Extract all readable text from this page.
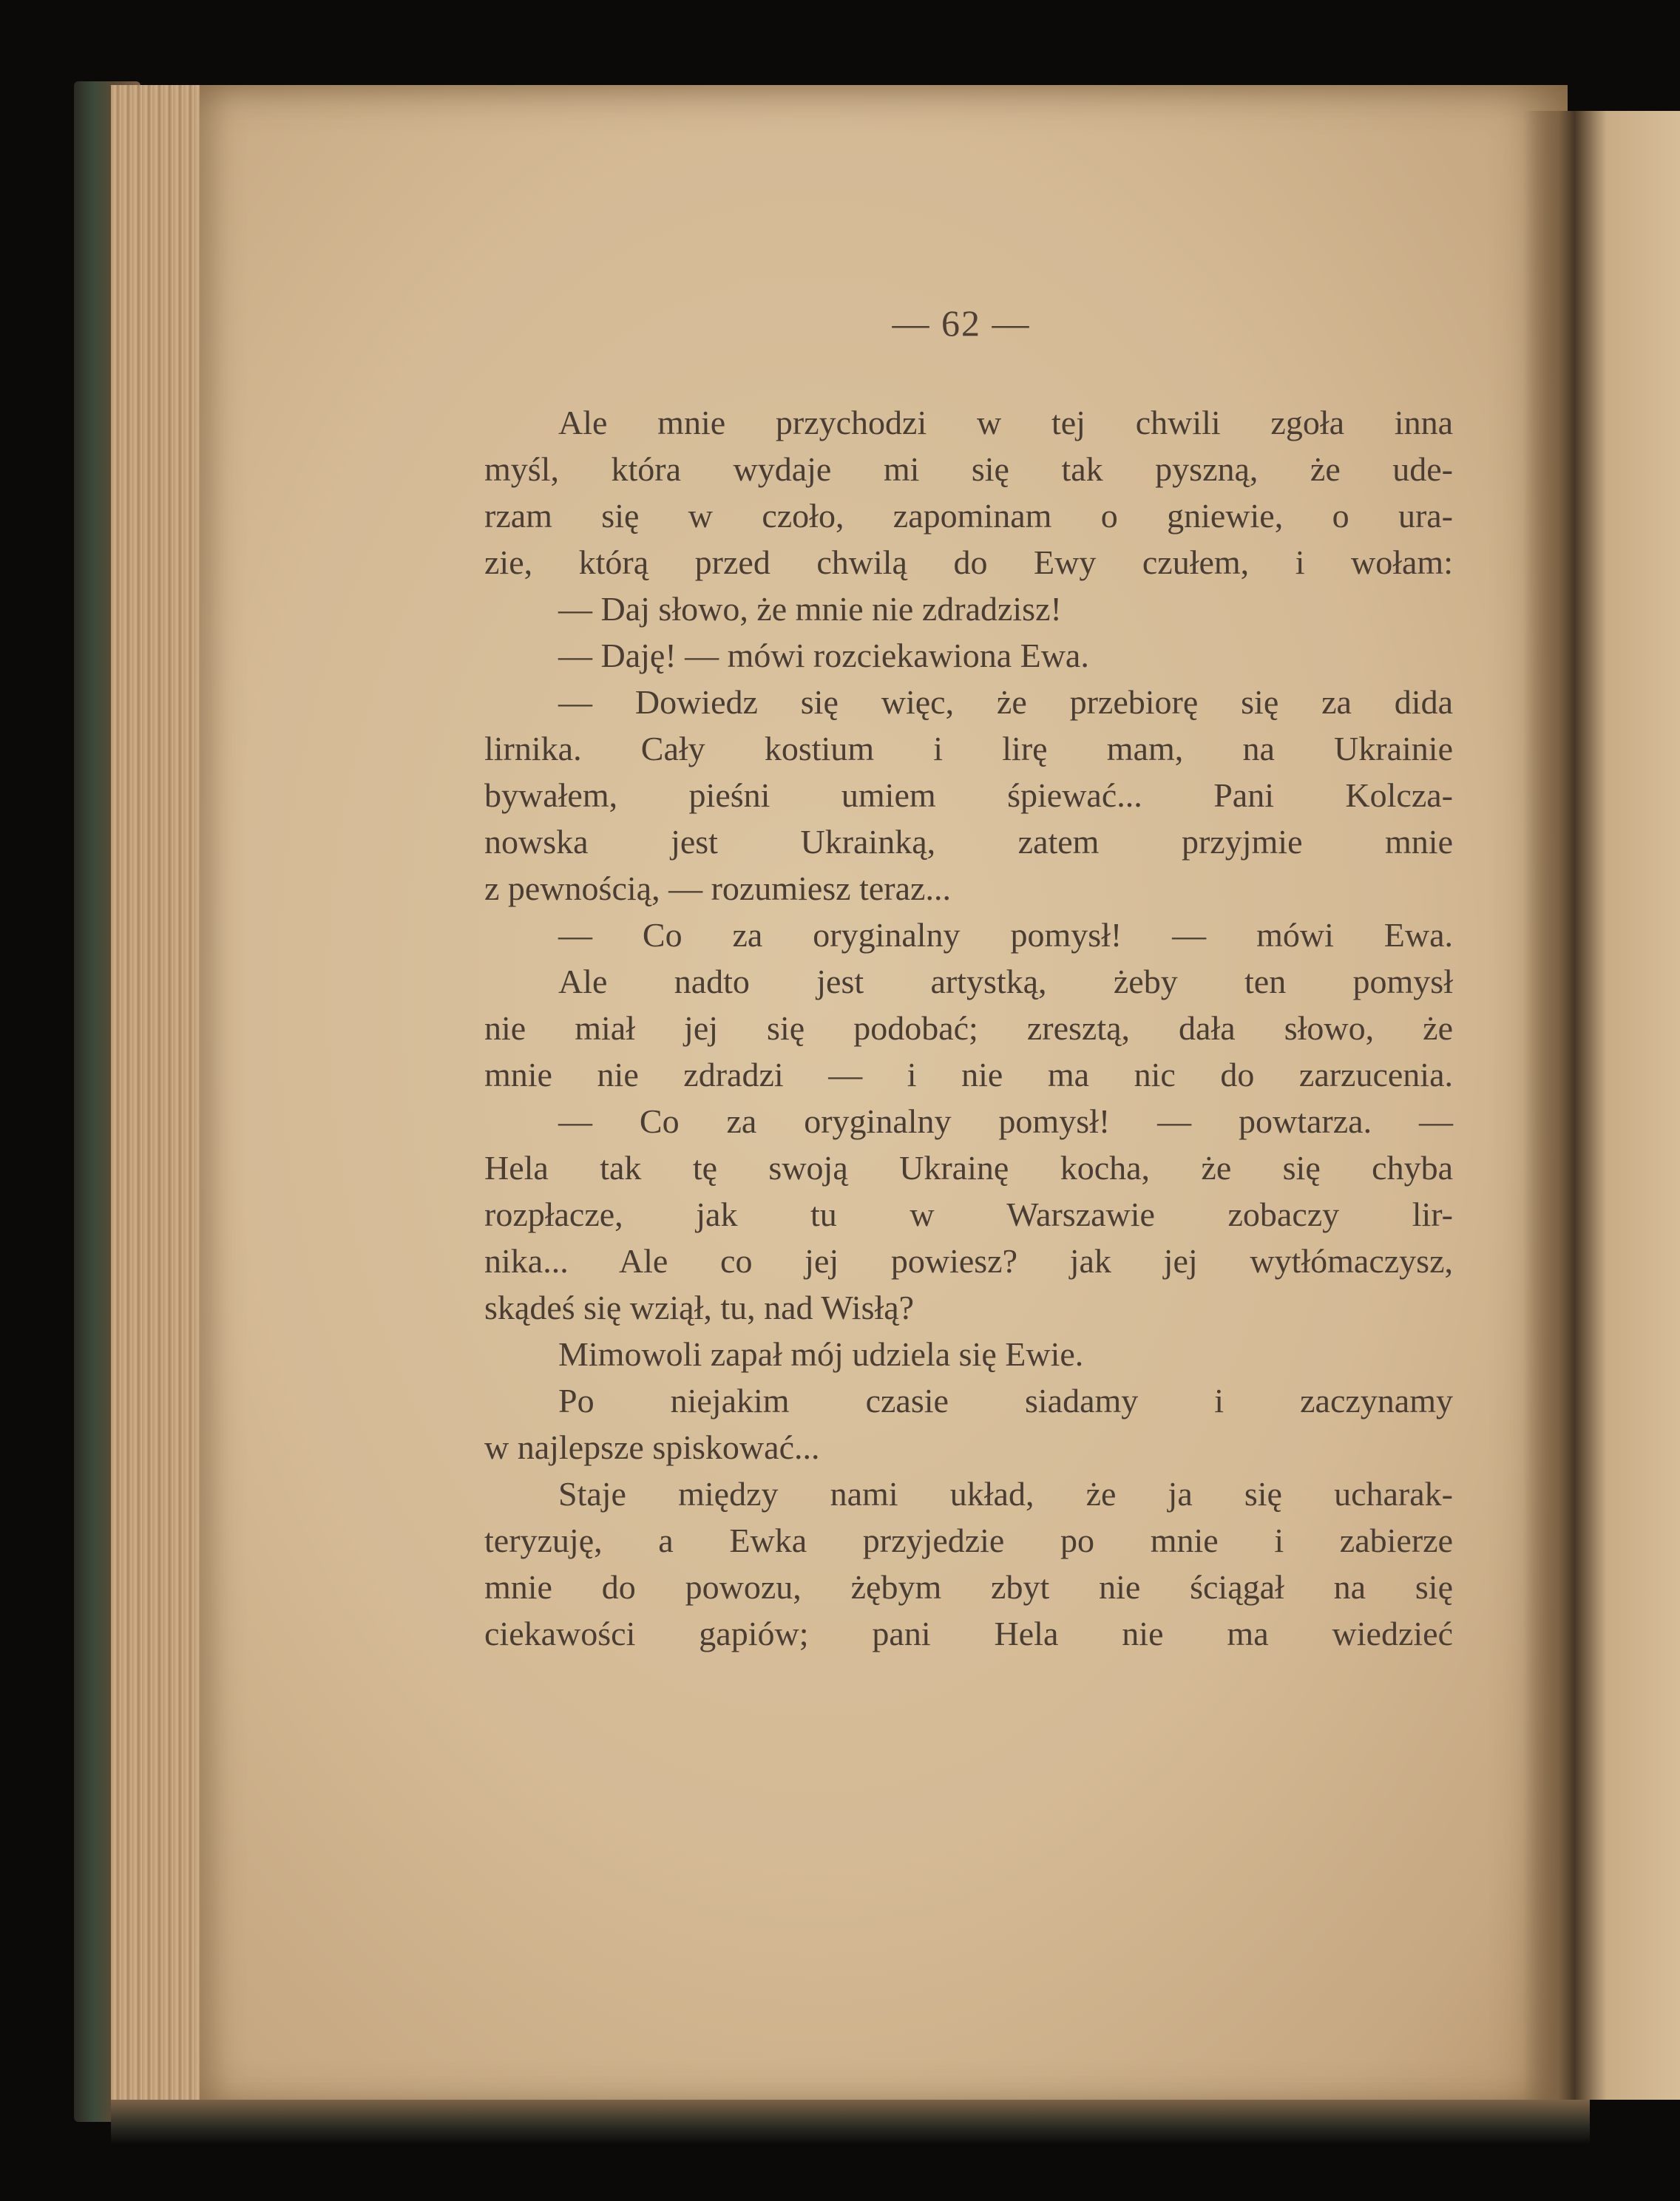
— 62 —
Ale mnie przychodzi w tej chwili zgoła inna
myśl, która wydaje mi się tak pyszną, że ude-
rzam się w czoło, zapominam o gniewie, o ura-
zie, którą przed chwilą do Ewy czułem, i wołam:
— Daj słowo, że mnie nie zdradzisz!
— Daję! — mówi rozciekawiona Ewa.
— Dowiedz się więc, że przebiorę się za dida
lirnika. Cały kostium i lirę mam, na Ukrainie
bywałem, pieśni umiem śpiewać... Pani Kolcza-
nowska jest Ukrainką, zatem przyjmie mnie
z pewnością, — rozumiesz teraz...
— Co za oryginalny pomysł! — mówi Ewa.
Ale nadto jest artystką, żeby ten pomysł
nie miał jej się podobać; zresztą, dała słowo, że
mnie nie zdradzi — i nie ma nic do zarzucenia.
— Co za oryginalny pomysł! — powtarza. —
Hela tak tę swoją Ukrainę kocha, że się chyba
rozpłacze, jak tu w Warszawie zobaczy lir-
nika... Ale co jej powiesz? jak jej wytłómaczysz,
skądeś się wziął, tu, nad Wisłą?
Mimowoli zapał mój udziela się Ewie.
Po niejakim czasie siadamy i zaczynamy
w najlepsze spiskować...
Staje między nami układ, że ja się ucharak-
teryzuję, a Ewka przyjedzie po mnie i zabierze
mnie do powozu, żębym zbyt nie ściągał na się
ciekawości gapiów; pani Hela nie ma wiedzieć
